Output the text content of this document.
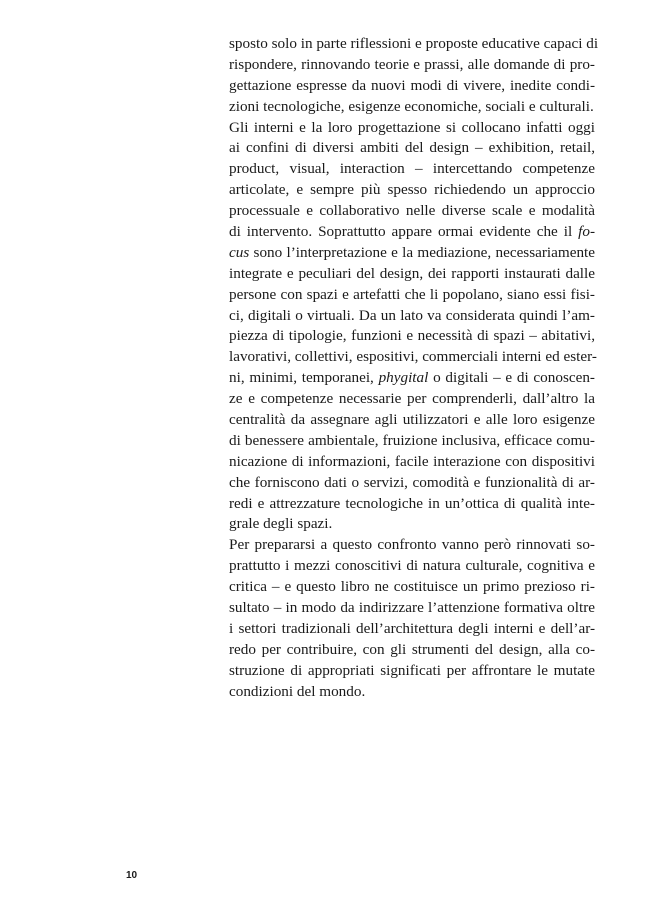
sposto solo in parte riflessioni e proposte educative capaci di
rispondere, rinnovando teorie e prassi, alle domande di pro-
gettazione espresse da nuovi modi di vivere, inedite condi-
zioni tecnologiche, esigenze economiche, sociali e culturali.
Gli interni e la loro progettazione si collocano infatti oggi
ai confini di diversi ambiti del design – exhibition, retail,
product, visual, interaction – intercettando competenze
articolate, e sempre più spesso richiedendo un approccio
processuale e collaborativo nelle diverse scale e modalità
di intervento. Soprattutto appare ormai evidente che il fo-
cus sono l’interpretazione e la mediazione, necessariamente
integrate e peculiari del design, dei rapporti instaurati dalle
persone con spazi e artefatti che li popolano, siano essi fisi-
ci, digitali o virtuali. Da un lato va considerata quindi l’am-
piezza di tipologie, funzioni e necessità di spazi – abitativi,
lavorativi, collettivi, espositivi, commerciali interni ed ester-
ni, minimi, temporanei, phygital o digitali – e di conoscen-
ze e competenze necessarie per comprenderli, dall’altro la
centralità da assegnare agli utilizzatori e alle loro esigenze
di benessere ambientale, fruizione inclusiva, efficace comu-
nicazione di informazioni, facile interazione con dispositivi
che forniscono dati o servizi, comodità e funzionalità di ar-
redi e attrezzature tecnologiche in un’ottica di qualità inte-
grale degli spazi.
Per prepararsi a questo confronto vanno però rinnovati so-
prattutto i mezzi conoscitivi di natura culturale, cognitiva e
critica – e questo libro ne costituisce un primo prezioso ri-
sultato – in modo da indirizzare l’attenzione formativa oltre
i settori tradizionali dell’architettura degli interni e dell’ar-
redo per contribuire, con gli strumenti del design, alla co-
struzione di appropriati significati per affrontare le mutate
condizioni del mondo.
10
